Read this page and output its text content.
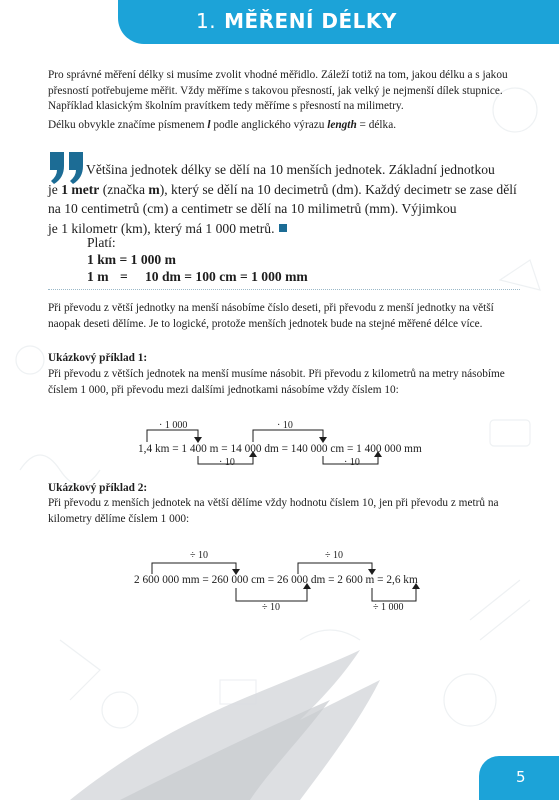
1. MĚŘENÍ DÉLKY
Pro správné měření délky si musíme zvolit vhodné měřidlo. Záleží totiž na tom, jakou délku a s jakou přesností potřebujeme měřit. Vždy měříme s takovou přesností, jak velký je nejmenší dílek stupnice. Například klasickým školním pravítkem tedy měříme s přesností na milimetry.
Délku obvykle značíme písmenem l podle anglického výrazu length = délka.
Většina jednotek délky se dělí na 10 menších jednotek. Základní jednotkou
je 1 metr (značka m), který se dělí na 10 decimetrů (dm). Každý decimetr se zase dělí
na 10 centimetrů (cm) a centimetr se dělí na 10 milimetrů (mm). Výjimkou
je 1 kilometr (km), který má 1 000 metrů.
Platí:
1 km = 1 000 m
1 m = 10 dm = 100 cm = 1 000 mm
Při převodu z větší jednotky na menší násobíme číslo deseti, při převodu z menší jednotky na větší naopak deseti dělíme. Je to logické, protože menších jednotek bude na stejné měřené délce více.
Ukázkový příklad 1:
Při převodu z větších jednotek na menší musíme násobit. Při převodu z kilometrů na metry násobíme číslem 1 000, při převodu mezi dalšími jednotkami násobíme vždy číslem 10:
· 1 000	· 10
1,4 km = 1 400 m = 14 000 dm = 140 000 cm = 1 400 000 mm
· 10	· 10
Ukázkový příklad 2:
Při převodu z menších jednotek na větší dělíme vždy hodnotu číslem 10, jen při převodu z metrů na kilometry dělíme číslem 1 000:
÷ 10	÷ 10
2 600 000 mm = 260 000 cm = 26 000 dm = 2 600 m = 2,6 km
÷ 10	÷ 1 000
5
